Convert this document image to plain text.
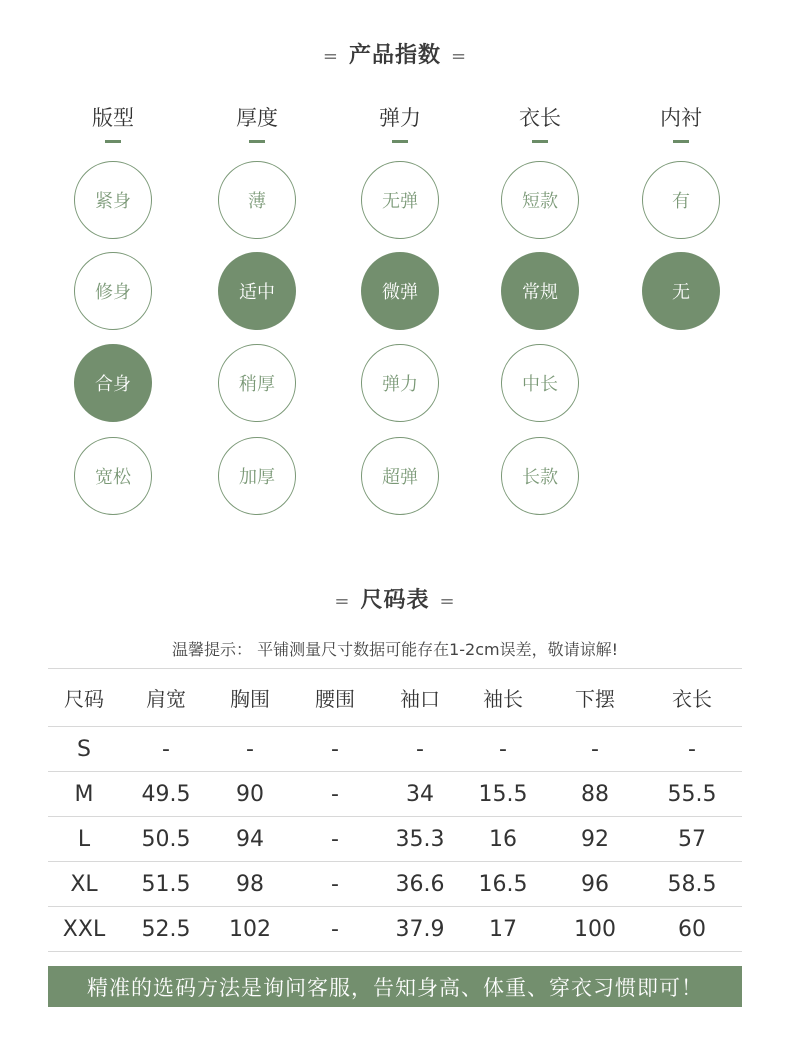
= 产品指数 =
版型	厚度	弹力	衣长	内衬
紧身
修身
合身
宽松
薄
适中
稍厚
加厚
无弹
微弹
弹力
超弹
短款
常规
中长
长款
有
无
= 尺码表 =
温馨提示： 平铺测量尺寸数据可能存在1-2cm误差，敬请谅解!
尺码	肩宽	胸围	腰围	袖口	袖长	下摆	衣长
S	-	-	-	-	-	-	-
M	49.5	90	-	34	15.5	88	55.5
L	50.5	94	-	35.3	16	92	57
XL	51.5	98	-	36.6	16.5	96	58.5
XXL	52.5	102	-	37.9	17	100	60
精准的选码方法是询问客服，告知身高、体重、穿衣习惯即可！
